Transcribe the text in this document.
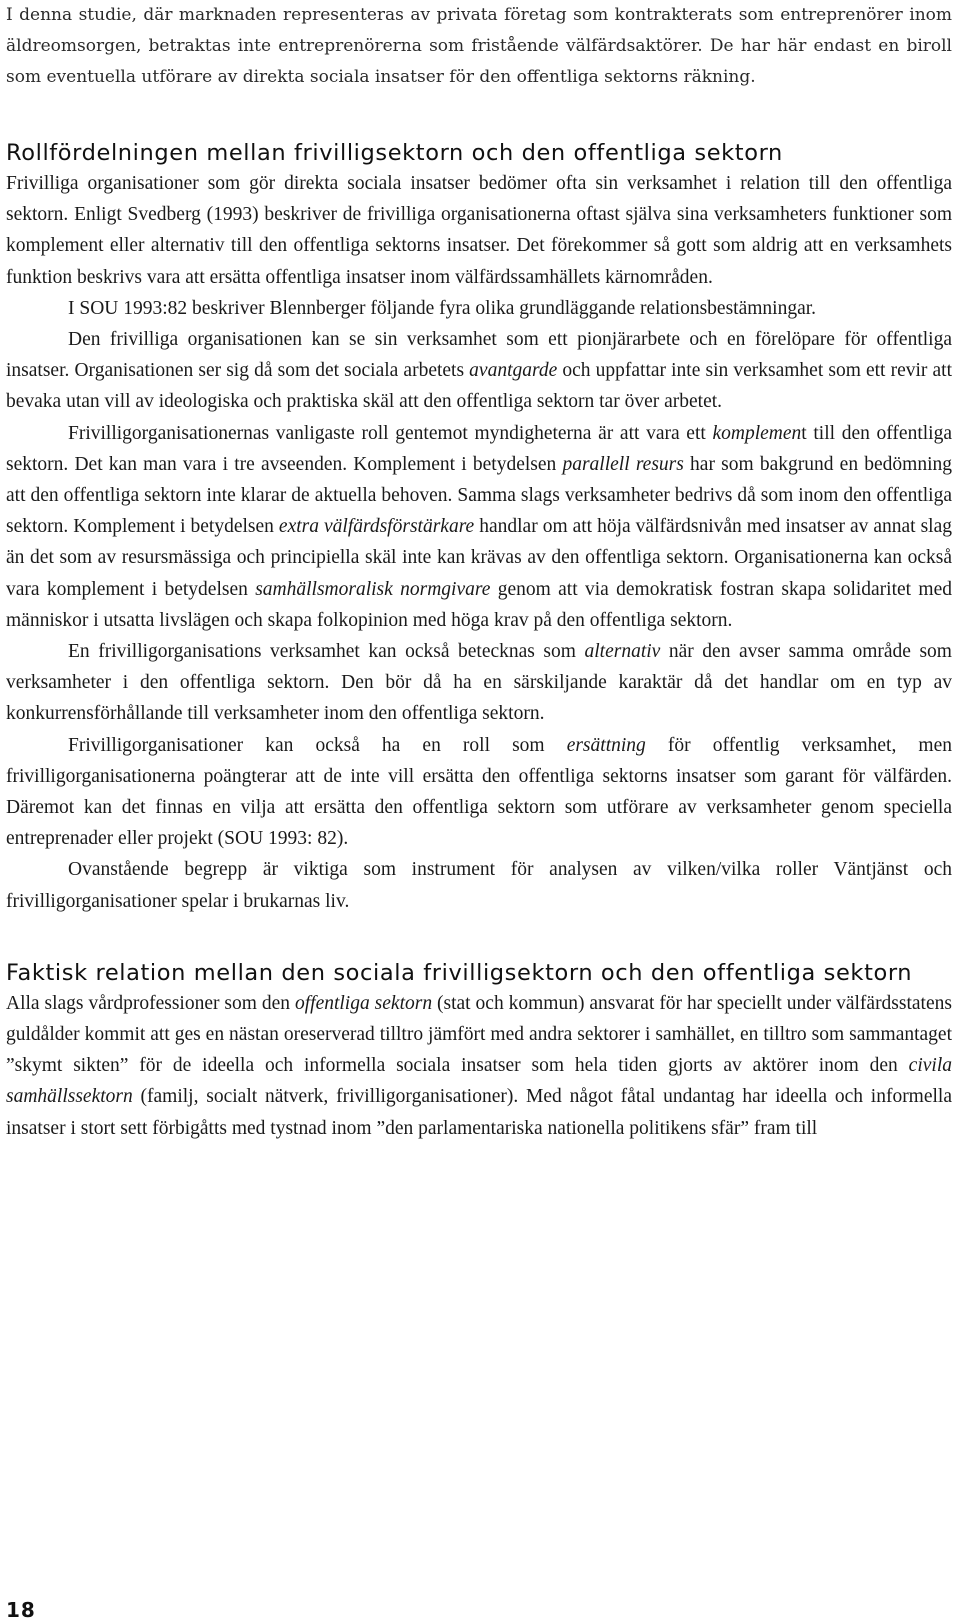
I denna studie, där marknaden representeras av privata företag som kontrakterats som entreprenörer inom äldreomsorgen, betraktas inte entreprenörerna som fristående välfärdsaktörer. De har här endast en biroll som eventuella utförare av direkta sociala insatser för den offentliga sektorns räkning.

Rollfördelningen mellan frivilligsektorn och den offentliga sektorn

Frivilliga organisationer som gör direkta sociala insatser bedömer ofta sin verksamhet i relation till den offentliga sektorn. Enligt Svedberg (1993) beskriver de frivilliga organisationerna oftast själva sina verksamheters funktioner som komplement eller alternativ till den offentliga sektorns insatser. Det förekommer så gott som aldrig att en verksamhets funktion beskrivs vara att ersätta offentliga insatser inom välfärdssamhällets kärnområden.

I SOU 1993:82 beskriver Blennberger följande fyra olika grundläggande relationsbestämningar.

Den frivilliga organisationen kan se sin verksamhet som ett pionjärarbete och en förelöpare för offentliga insatser. Organisationen ser sig då som det sociala arbetets avantgarde och uppfattar inte sin verksamhet som ett revir att bevaka utan vill av ideologiska och praktiska skäl att den offentliga sektorn tar över arbetet.

Frivilligorganisationernas vanligaste roll gentemot myndigheterna är att vara ett komplement till den offentliga sektorn. Det kan man vara i tre avseenden. Komplement i betydelsen parallell resurs har som bakgrund en bedömning att den offentliga sektorn inte klarar de aktuella behoven. Samma slags verksamheter bedrivs då som inom den offentliga sektorn. Komplement i betydelsen extra välfärdsförstärkare handlar om att höja välfärdsnivån med insatser av annat slag än det som av resursmässiga och principiella skäl inte kan krävas av den offentliga sektorn. Organisationerna kan också vara komplement i betydelsen samhällsmoralisk normgivare genom att via demokratisk fostran skapa solidaritet med människor i utsatta livslägen och skapa folkopinion med höga krav på den offentliga sektorn.

En frivilligorganisations verksamhet kan också betecknas som alternativ när den avser samma område som verksamheter i den offentliga sektorn. Den bör då ha en särskiljande karaktär då det handlar om en typ av konkurrensförhållande till verksamheter inom den offentliga sektorn.

Frivilligorganisationer kan också ha en roll som ersättning för offentlig verksamhet, men frivilligorganisationerna poängterar att de inte vill ersätta den offentliga sektorns insatser som garant för välfärden. Däremot kan det finnas en vilja att ersätta den offentliga sektorn som utförare av verksamheter genom speciella entreprenader eller projekt (SOU 1993: 82).

Ovanstående begrepp är viktiga som instrument för analysen av vilken/vilka roller Väntjänst och frivilligorganisationer spelar i brukarnas liv.

Faktisk relation mellan den sociala frivilligsektorn och den offentliga sektorn

Alla slags vårdprofessioner som den offentliga sektorn (stat och kommun) ansvarat för har speciellt under välfärdsstatens guldålder kommit att ges en nästan oreserverad tilltro jämfört med andra sektorer i samhället, en tilltro som sammantaget ”skymt sikten” för de ideella och informella sociala insatser som hela tiden gjorts av aktörer inom den civila samhällssektorn (familj, socialt nätverk, frivilligorganisationer). Med något fåtal undantag har ideella och informella insatser i stort sett förbigåtts med tystnad inom ”den parlamentariska nationella politikens sfär” fram till

18
